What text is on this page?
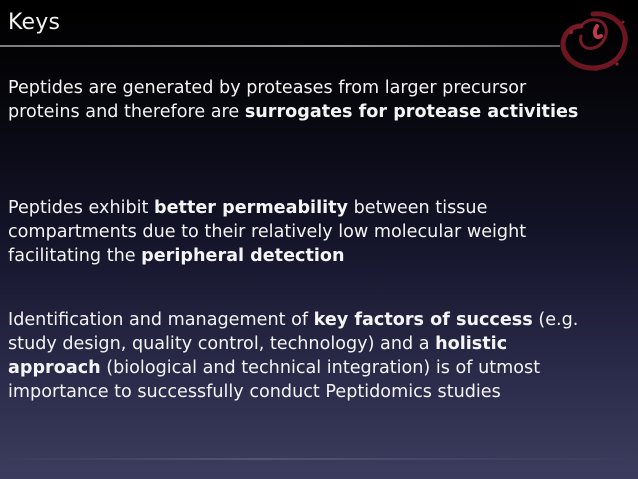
Keys
Peptides are generated by proteases from larger precursor proteins and therefore are surrogates for protease activities
Peptides exhibit better permeability between tissue compartments due to their relatively low molecular weight facilitating the peripheral detection
Identification and management of key factors of success (e.g. study design, quality control, technology) and a holistic approach (biological and technical integration) is of utmost importance to successfully conduct Peptidomics studies
